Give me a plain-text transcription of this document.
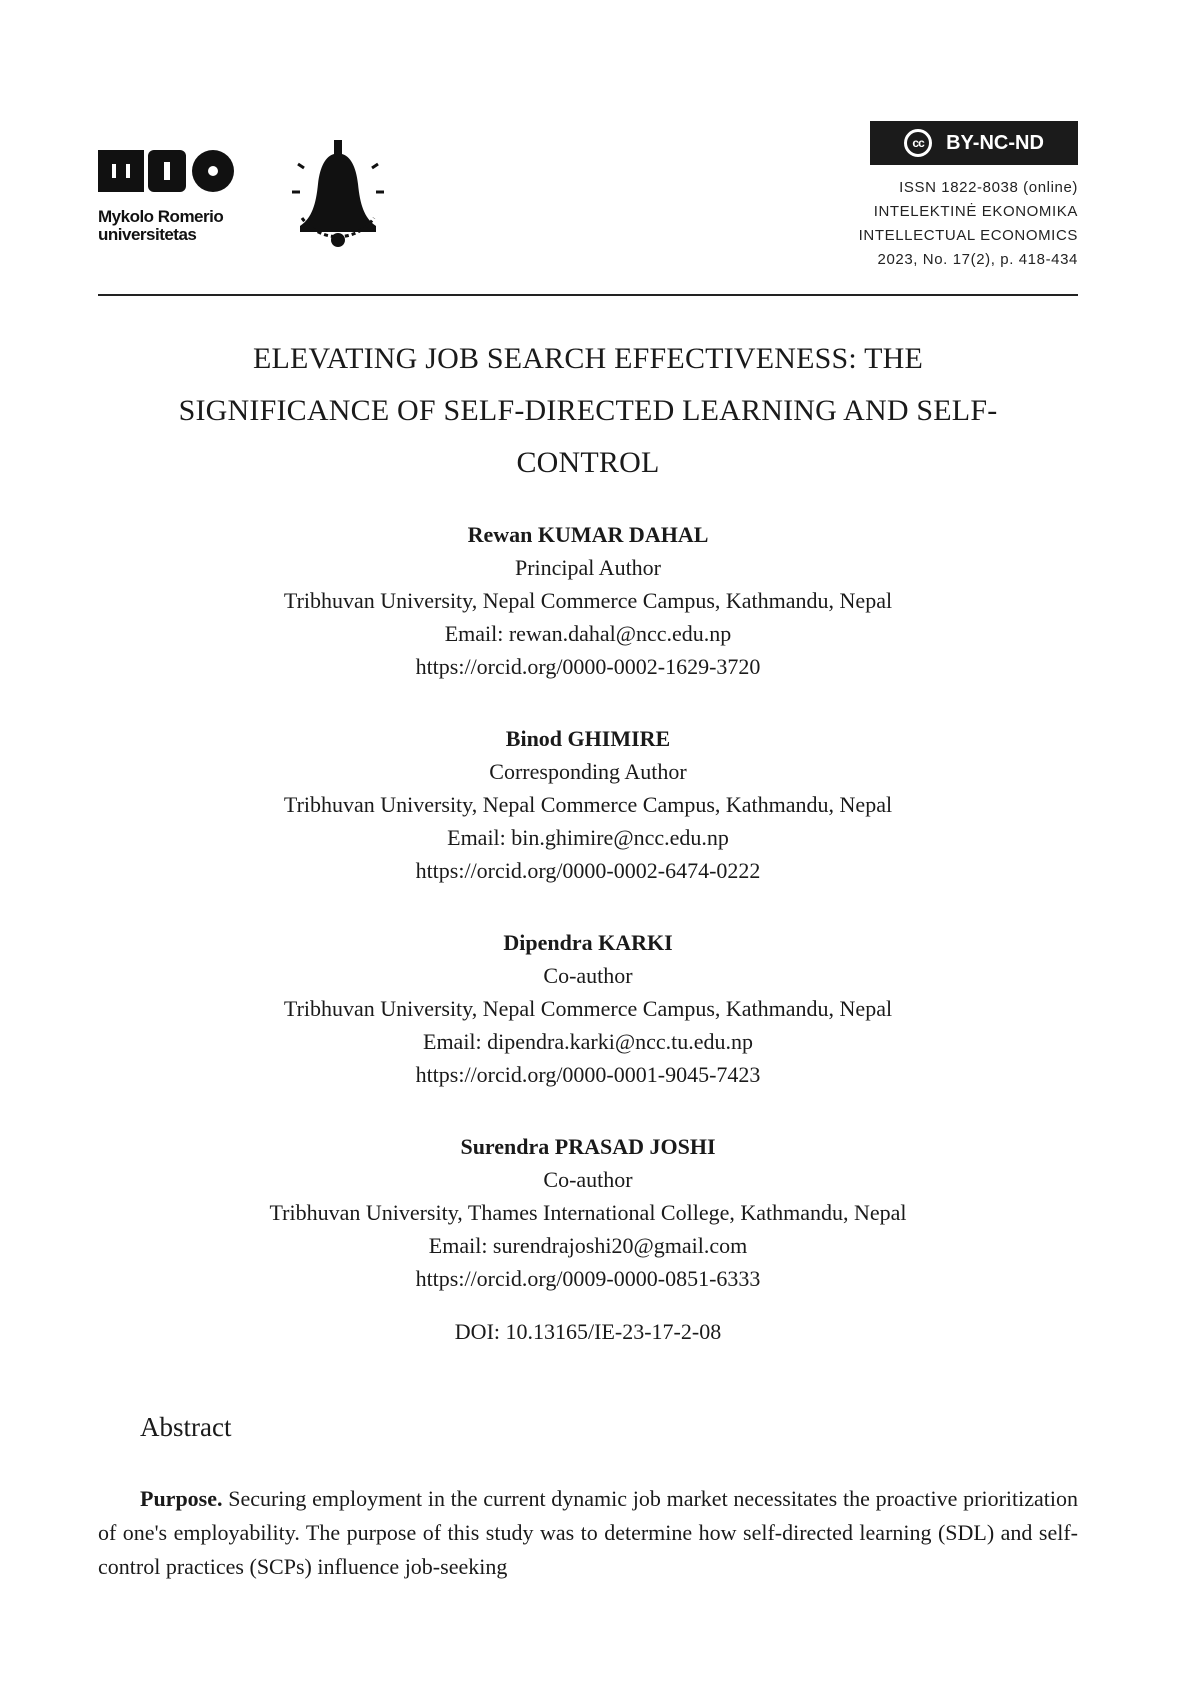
Mykolo Romerio universitetas
cc	BY-NC-ND
ISSN 1822-8038 (online)
INTELEKTINĖ EKONOMIKA
INTELLECTUAL ECONOMICS
2023, No. 17(2), p. 418-434
ELEVATING JOB SEARCH EFFECTIVENESS: THE
SIGNIFICANCE OF SELF-DIRECTED LEARNING AND SELF-
CONTROL

Rewan KUMAR DAHAL

Principal Author

Tribhuvan University, Nepal Commerce Campus, Kathmandu, Nepal

Email: rewan.dahal@ncc.edu.np

https://orcid.org/0000-0002-1629-3720

Binod GHIMIRE

Corresponding Author

Tribhuvan University, Nepal Commerce Campus, Kathmandu, Nepal

Email: bin.ghimire@ncc.edu.np

https://orcid.org/0000-0002-6474-0222

Dipendra KARKI

Co-author

Tribhuvan University, Nepal Commerce Campus, Kathmandu, Nepal

Email: dipendra.karki@ncc.tu.edu.np

https://orcid.org/0000-0001-9045-7423

Surendra PRASAD JOSHI

Co-author

Tribhuvan University, Thames International College, Kathmandu, Nepal

Email: surendrajoshi20@gmail.com

https://orcid.org/0009-0000-0851-6333

DOI: 10.13165/IE-23-17-2-08
Abstract

Purpose. Securing employment in the current dynamic job market necessitates the proactive prioritization of one's employability. The purpose of this study was to determine how self-directed learning (SDL) and self-control practices (SCPs) influence job-seeking
